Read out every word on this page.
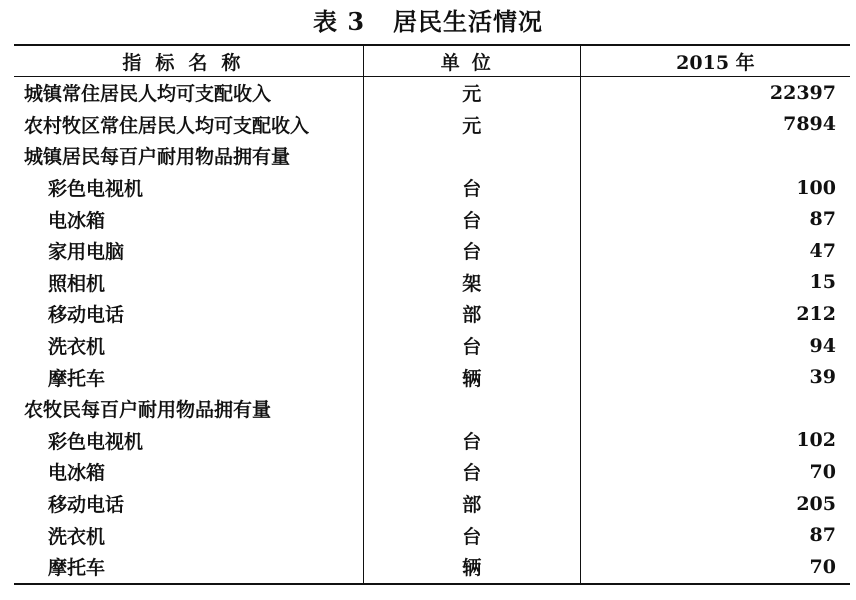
表 3 居民生活情况
指标名称	单位	2015 年
城镇常住居民人均可支配收入	元	22397
农村牧区常住居民人均可支配收入	元	7894
城镇居民每百户耐用物品拥有量		
彩色电视机	台	100
电冰箱	台	87
家用电脑	台	47
照相机	架	15
移动电话	部	212
洗衣机	台	94
摩托车	辆	39
农牧民每百户耐用物品拥有量		
彩色电视机	台	102
电冰箱	台	70
移动电话	部	205
洗衣机	台	87
摩托车	辆	70
